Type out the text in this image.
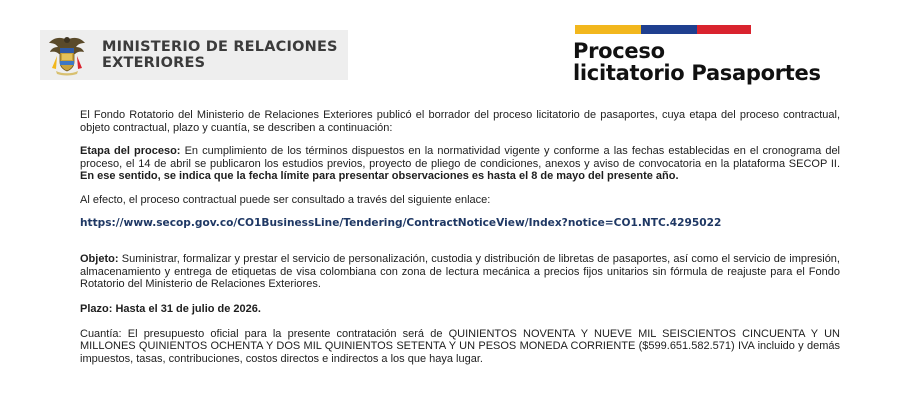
MINISTERIO DE RELACIONES
EXTERIORES	Proceso
licitatorio Pasaportes

El Fondo Rotatorio del Ministerio de Relaciones Exteriores publicó el borrador del proceso licitatorio de pasaportes, cuya etapa del proceso contractual, objeto contractual, plazo y cuantía, se describen a continuación:

Etapa del proceso: En cumplimiento de los términos dispuestos en la normatividad vigente y conforme a las fechas establecidas en el cronograma del proceso, el 14 de abril se publicaron los estudios previos, proyecto de pliego de condiciones, anexos y aviso de convocatoria en la plataforma SECOP II. En ese sentido, se indica que la fecha límite para presentar observaciones es hasta el 8 de mayo del presente año.

Al efecto, el proceso contractual puede ser consultado a través del siguiente enlace:

https://www.secop.gov.co/CO1BusinessLine/Tendering/ContractNoticeView/Index?notice=CO1.NTC.4295022

Objeto: Suministrar, formalizar y prestar el servicio de personalización, custodia y distribución de libretas de pasaportes, así como el servicio de impresión, almacenamiento y entrega de etiquetas de visa colombiana con zona de lectura mecánica a precios fijos unitarios sin fórmula de reajuste para el Fondo Rotatorio del Ministerio de Relaciones Exteriores.

Plazo: Hasta el 31 de julio de 2026.

Cuantía: El presupuesto oficial para la presente contratación será de QUINIENTOS NOVENTA Y NUEVE MIL SEISCIENTOS CINCUENTA Y UN MILLONES QUINIENTOS OCHENTA Y DOS MIL QUINIENTOS SETENTA Y UN PESOS MONEDA CORRIENTE ($599.651.582.571) IVA incluido y demás impuestos, tasas, contribuciones, costos directos e indirectos a los que haya lugar.
